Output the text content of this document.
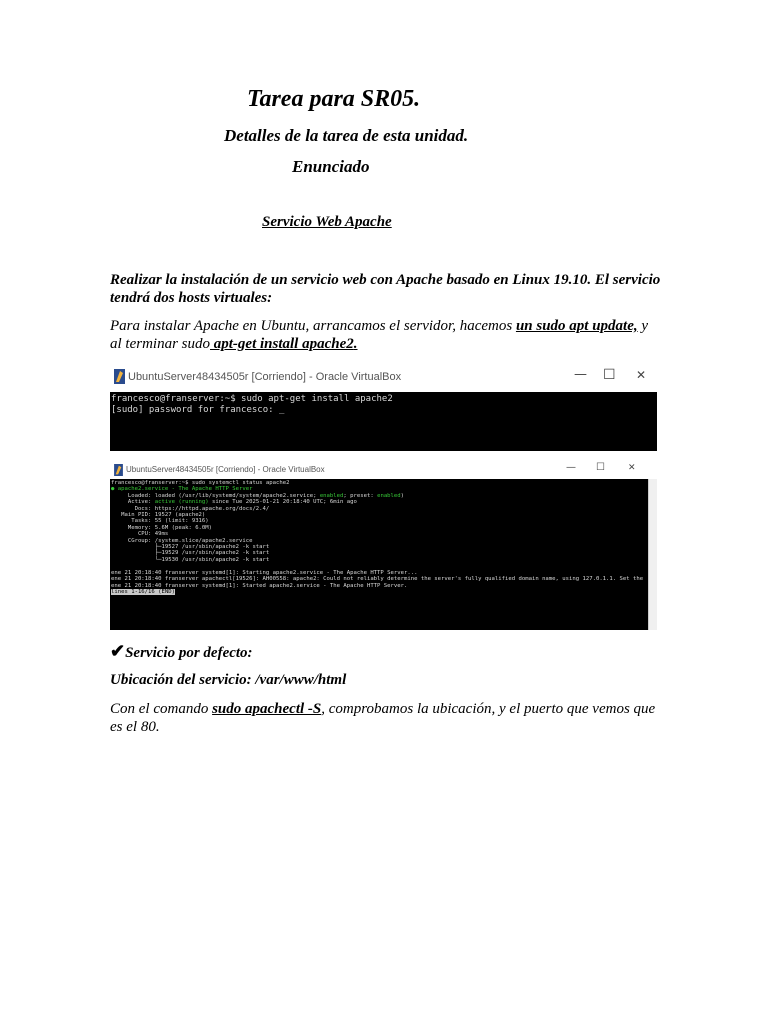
Tarea para SR05.
Detalles de la tarea de esta unidad.
Enunciado
Servicio Web Apache
Realizar la instalación de un servicio web con Apache basado en Linux 19.10. El servicio tendrá dos hosts virtuales:
Para instalar Apache en Ubuntu, arrancamos el servidor, hacemos un sudo apt update, y al terminar sudo apt-get install apache2.
UbuntuServer48434505r [Corriendo] - Oracle VirtualBox	— ☐ ✕
francesco@franserver:~$ sudo apt-get install apache2
[sudo] password for francesco: _
UbuntuServer48434505r [Corriendo] - Oracle VirtualBox	— ☐	✕
francesco@franserver:~$ sudo systemctl status apache2
● apache2.service - The Apache HTTP Server
Loaded: loaded (/usr/lib/systemd/system/apache2.service; enabled; preset: enabled)
Active: active (running) since Tue 2025-01-21 20:18:40 UTC; 6min ago
Docs: https://httpd.apache.org/docs/2.4/
Main PID: 19527 (apache2)
Tasks: 55 (limit: 9316)
Memory: 5.6M (peak: 6.0M)
CPU: 49ms
CGroup: /system.slice/apache2.service
├─19527 /usr/sbin/apache2 -k start
├─19529 /usr/sbin/apache2 -k start
└─19530 /usr/sbin/apache2 -k start

ene 21 20:18:40 franserver systemd[1]: Starting apache2.service - The Apache HTTP Server...
ene 21 20:18:40 franserver apachectl[19526]: AH00558: apache2: Could not reliably determine the server's fully qualified domain name, using 127.0.1.1. Set the
ene 21 20:18:40 franserver systemd[1]: Started apache2.service - The Apache HTTP Server.
lines 1-16/16 (END)
✔Servicio por defecto:
Ubicación del servicio: /var/www/html
Con el comando sudo apachectl -S, comprobamos la ubicación, y el puerto que vemos que es el 80.
